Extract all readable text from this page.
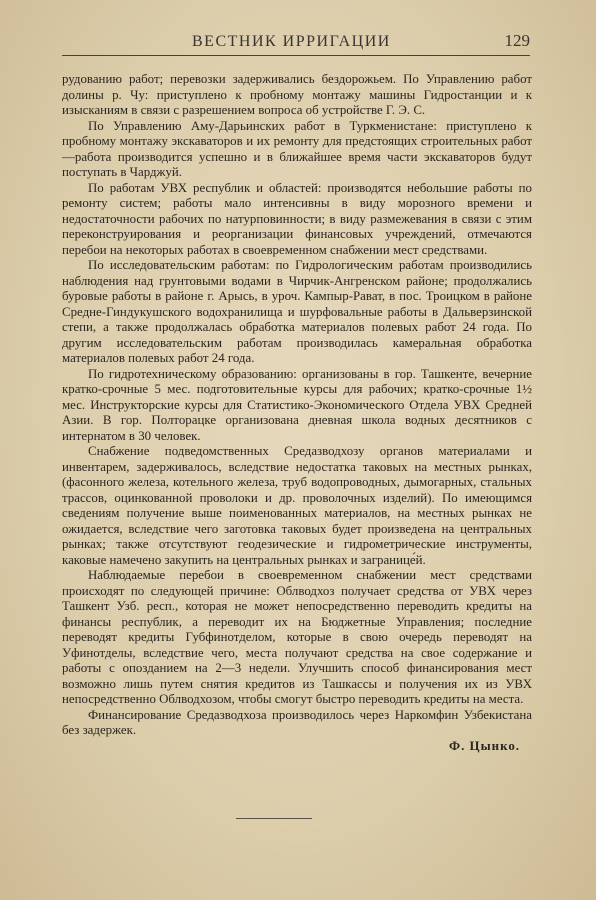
ВЕСТНИК ИРРИГАЦИИ	129

рудованию работ; перевозки задерживались бездорожьем. По Управлению работ долины р. Чу: приступлено к пробному монтажу машины Гидростанции и к изысканиям в связи с разрешением вопроса об устройстве Г. Э. С.

По Управлению Аму-Дарьинских работ в Туркменистане: приступлено к пробному монтажу экскаваторов и их ремонту для предстоящих строительных работ—работа производится успешно и в ближайшее время части экскаваторов будут поступать в Чарджуй.

По работам УВХ республик и областей: производятся небольшие работы по ремонту систем; работы мало интенсивны в виду морозного времени и недостаточности рабочих по натурповинности; в виду размежевания в связи с этим переконструирования и реорганизации финансовых учреждений, отмечаются перебои на некоторых работах в своевременном снабжении мест средствами.

По исследовательским работам: по Гидрологическим работам производились наблюдения над грунтовыми водами в Чирчик-Ангренском районе; продолжались буровые работы в районе г. Арысь, в уроч. Кампыр-Рават, в пос. Троицком в районе Средне-Гиндукушского водохранилища и шурфовальные работы в Дальверзинской степи, а также продолжалась обработка материалов полевых работ 24 года. По другим исследовательским работам производилась камеральная обработка материалов полевых работ 24 года.

По гидротехническому образованию: организованы в гор. Ташкенте, вечерние кратко-срочные 5 мес. подготовительные курсы для рабочих; кратко-срочные 1½ мес. Инструкторские курсы для Статистико-Экономического Отдела УВХ Средней Азии. В гор. Полторацке организована дневная школа водных десятников с интернатом в 30 человек.

Снабжение подведомственных Средазводхозу органов материалами и инвентарем, задерживалось, вследствие недостатка таковых на местных рынках, (фасонного железа, котельного железа, труб водопроводных, дымогарных, стальных трасcов, оцинкованной проволоки и др. проволочных изделий). По имеющимся сведениям получение выше поименованных материалов, на местных рынках не ожидается, вследствие чего заготовка таковых будет произведена на центральных рынках; также отсутствуют геодезические и гидрометрические инструменты, каковые намечено закупить на центральных рынках и загранице́й.

Наблюдаемые перебои в своевременном снабжении мест средствами происходят по следующей причине: Облводхоз получает средства от УВХ через Ташкент Узб. респ., которая не может непосредственно переводить кредиты на финансы республик, а переводит их на Бюджетные Управления; последние переводят кредиты Губфинотделом, которые в свою очередь переводят на Уфинотделы, вследствие чего, места получают средства на свое содержание и работы с опозданием на 2—3 недели. Улучшить способ финансирования мест возможно лишь путем снятия кредитов из Ташкассы и получения их из УВХ непосредственно Облводхозом, чтобы смогут быстро переводить кредиты на места.

Финансирование Средазводхоза производилось через Наркомфин Узбекистана без задержек.

Ф. Цынко.
